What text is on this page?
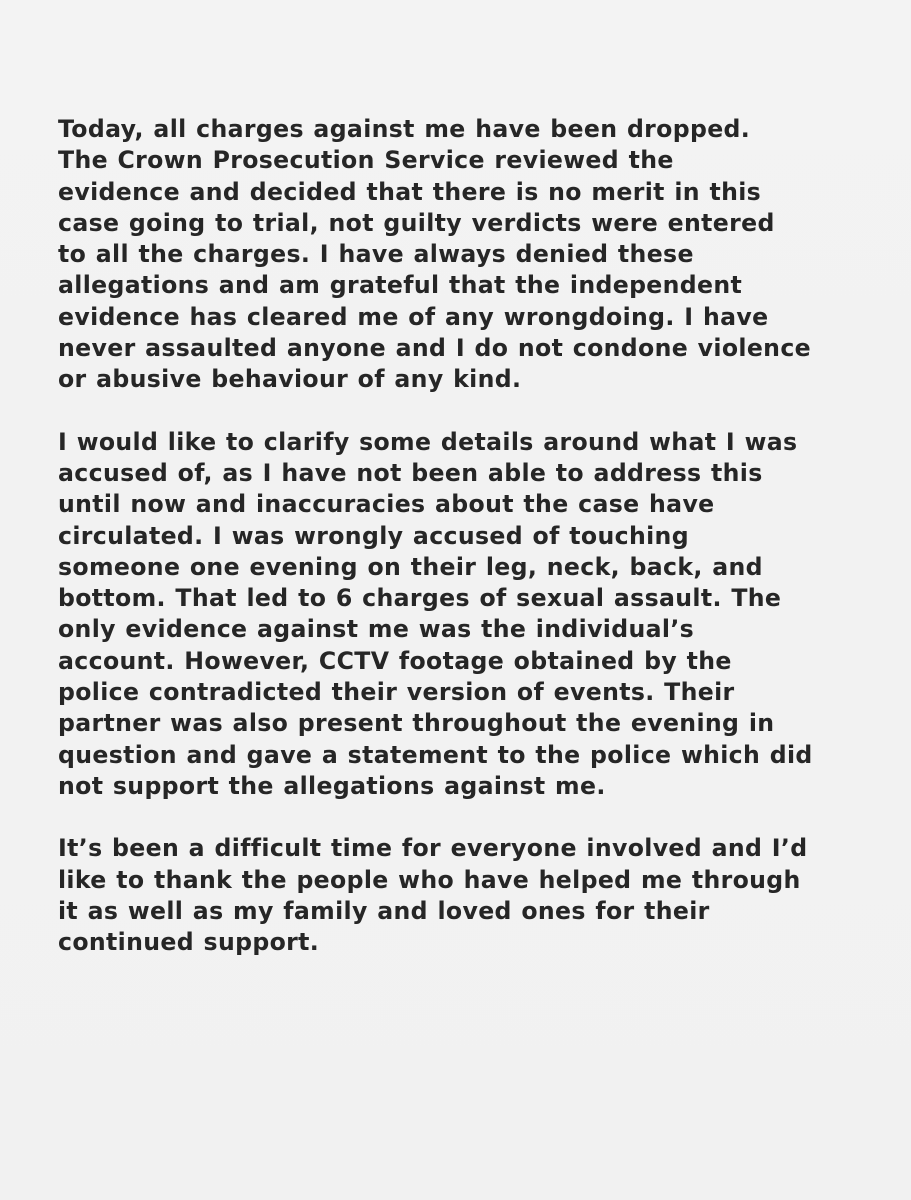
Today, all charges against me have been dropped.
The Crown Prosecution Service reviewed the
evidence and decided that there is no merit in this
case going to trial, not guilty verdicts were entered
to all the charges. I have always denied these
allegations and am grateful that the independent
evidence has cleared me of any wrongdoing. I have
never assaulted anyone and I do not condone violence
or abusive behaviour of any kind.

I would like to clarify some details around what I was
accused of, as I have not been able to address this
until now and inaccuracies about the case have
circulated. I was wrongly accused of touching
someone one evening on their leg, neck, back, and
bottom. That led to 6 charges of sexual assault. The
only evidence against me was the individual’s
account. However, CCTV footage obtained by the
police contradicted their version of events. Their
partner was also present throughout the evening in
question and gave a statement to the police which did
not support the allegations against me.

It’s been a difficult time for everyone involved and I’d
like to thank the people who have helped me through
it as well as my family and loved ones for their
continued support.
